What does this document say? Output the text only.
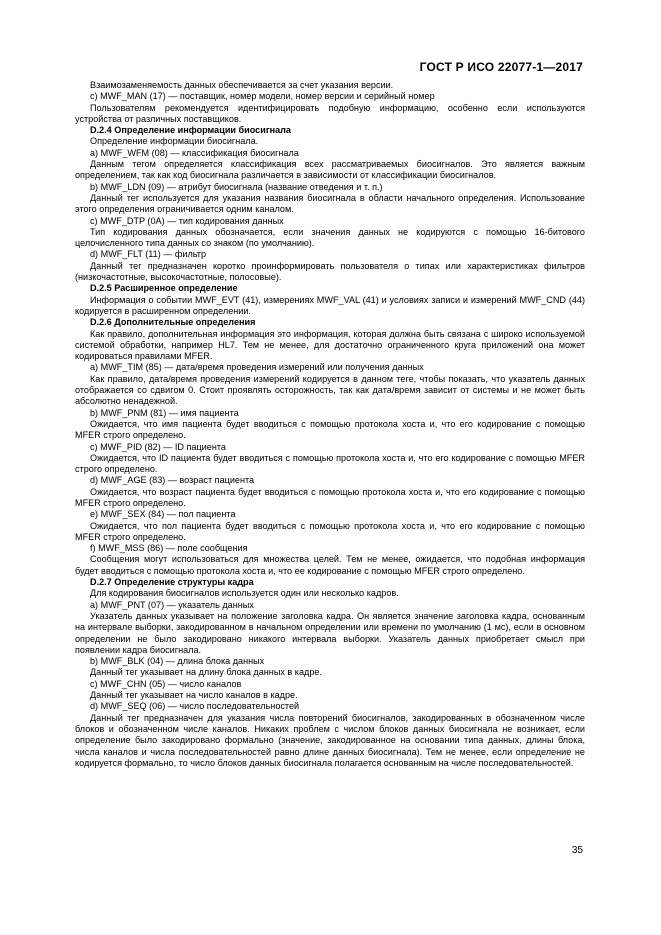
ГОСТ Р ИСО 22077-1—2017

Взаимозаменяемость данных обеспечивается за счет указания версии.

c) MWF_MAN (17) — поставщик, номер модели, номер версии и серийный номер

Пользователям рекомендуется идентифицировать подобную информацию, особенно если используются устройства от различных поставщиков.

D.2.4 Определение информации биосигнала

Определение информации биосигнала.

a) MWF_WFM (08) — классификация биосигнала

Данным тегом определяется классификация всех рассматриваемых биосигналов. Это является важным определением, так как код биосигнала различается в зависимости от классификации биосигналов.

b) MWF_LDN (09) — атрибут биосигнала (название отведения и т. п.)

Данный тег используется для указания названия биосигнала в области начального определения. Использование этого определения ограничивается одним каналом.

c) MWF_DTP (0A) — тип кодирования данных

Тип кодирования данных обозначается, если значения данных не кодируются с помощью 16-битового целочисленного типа данных со знаком (по умолчанию).

d) MWF_FLT (11) — фильтр

Данный тег предназначен коротко проинформировать пользователя о типах или характеристиках фильтров (низкочастотные, высокочастотные, полосовые).

D.2.5 Расширенное определение

Информация о событии MWF_EVT (41), измерениях MWF_VAL (41) и условиях записи и измерений MWF_CND (44) кодируется в расширенном определении.

D.2.6 Дополнительные определения

Как правило, дополнительная информация это информация, которая должна быть связана с широко используемой системой обработки, например HL7. Тем не менее, для достаточно ограниченного круга приложений она может кодироваться правилами MFER.

a) MWF_TIM (85) — дата/время проведения измерений или получения данных

Как правило, дата/время проведения измерений кодируется в данном теге, чтобы показать, что указатель данных отображается со сдвигом 0. Стоит проявлять осторожность, так как дата/время зависит от системы и не может быть абсолютно ненадежной.

b) MWF_PNM (81) — имя пациента

Ожидается, что имя пациента будет вводиться с помощью протокола хоста и, что его кодирование с помощью MFER строго определено.

c) MWF_PID (82) — ID пациента

Ожидается, что ID пациента будет вводиться с помощью протокола хоста и, что его кодирование с помощью MFER строго определено.

d) MWF_AGE (83) — возраст пациента

Ожидается, что возраст пациента будет вводиться с помощью протокола хоста и, что его кодирование с помощью MFER строго определено.

e) MWF_SEX (84) — пол пациента

Ожидается, что пол пациента будет вводиться с помощью протокола хоста и, что его кодирование с помощью MFER строго определено.

f) MWF_MSS (86) — поле сообщения

Сообщения могут использоваться для множества целей. Тем не менее, ожидается, что подобная информация будет вводиться с помощью протокола хоста и, что ее кодирование с помощью MFER строго определено.

D.2.7 Определение структуры кадра

Для кодирования биосигналов используется один или несколько кадров.

a) MWF_PNT (07) — указатель данных

Указатель данных указывает на положение заголовка кадра. Он является значение заголовка кадра, основанным на интервале выборки, закодированном в начальном определении или времени по умолчанию (1 мс), если в основном определении не было закодировано никакого интервала выборки. Указатель данных приобретает смысл при появлении кадра биосигнала.

b) MWF_BLK (04) — длина блока данных

Данный тег указывает на длину блока данных в кадре.

c) MWF_CHN (05) — число каналов

Данный тег указывает на число каналов в кадре.

d) MWF_SEQ (06) — число последовательностей

Данный тег предназначен для указания числа повторений биосигналов, закодированных в обозначенном числе блоков и обозначенном числе каналов. Никаких проблем с числом блоков данных биосигнала не возникает, если определение было закодировано формально (значение, закодированное на основании типа данных, длины блока, числа каналов и числа последовательностей равно длине данных биосигнала). Тем не менее, если определение не кодируется формально, то число блоков данных биосигнала полагается основанным на числе последовательностей.

35
